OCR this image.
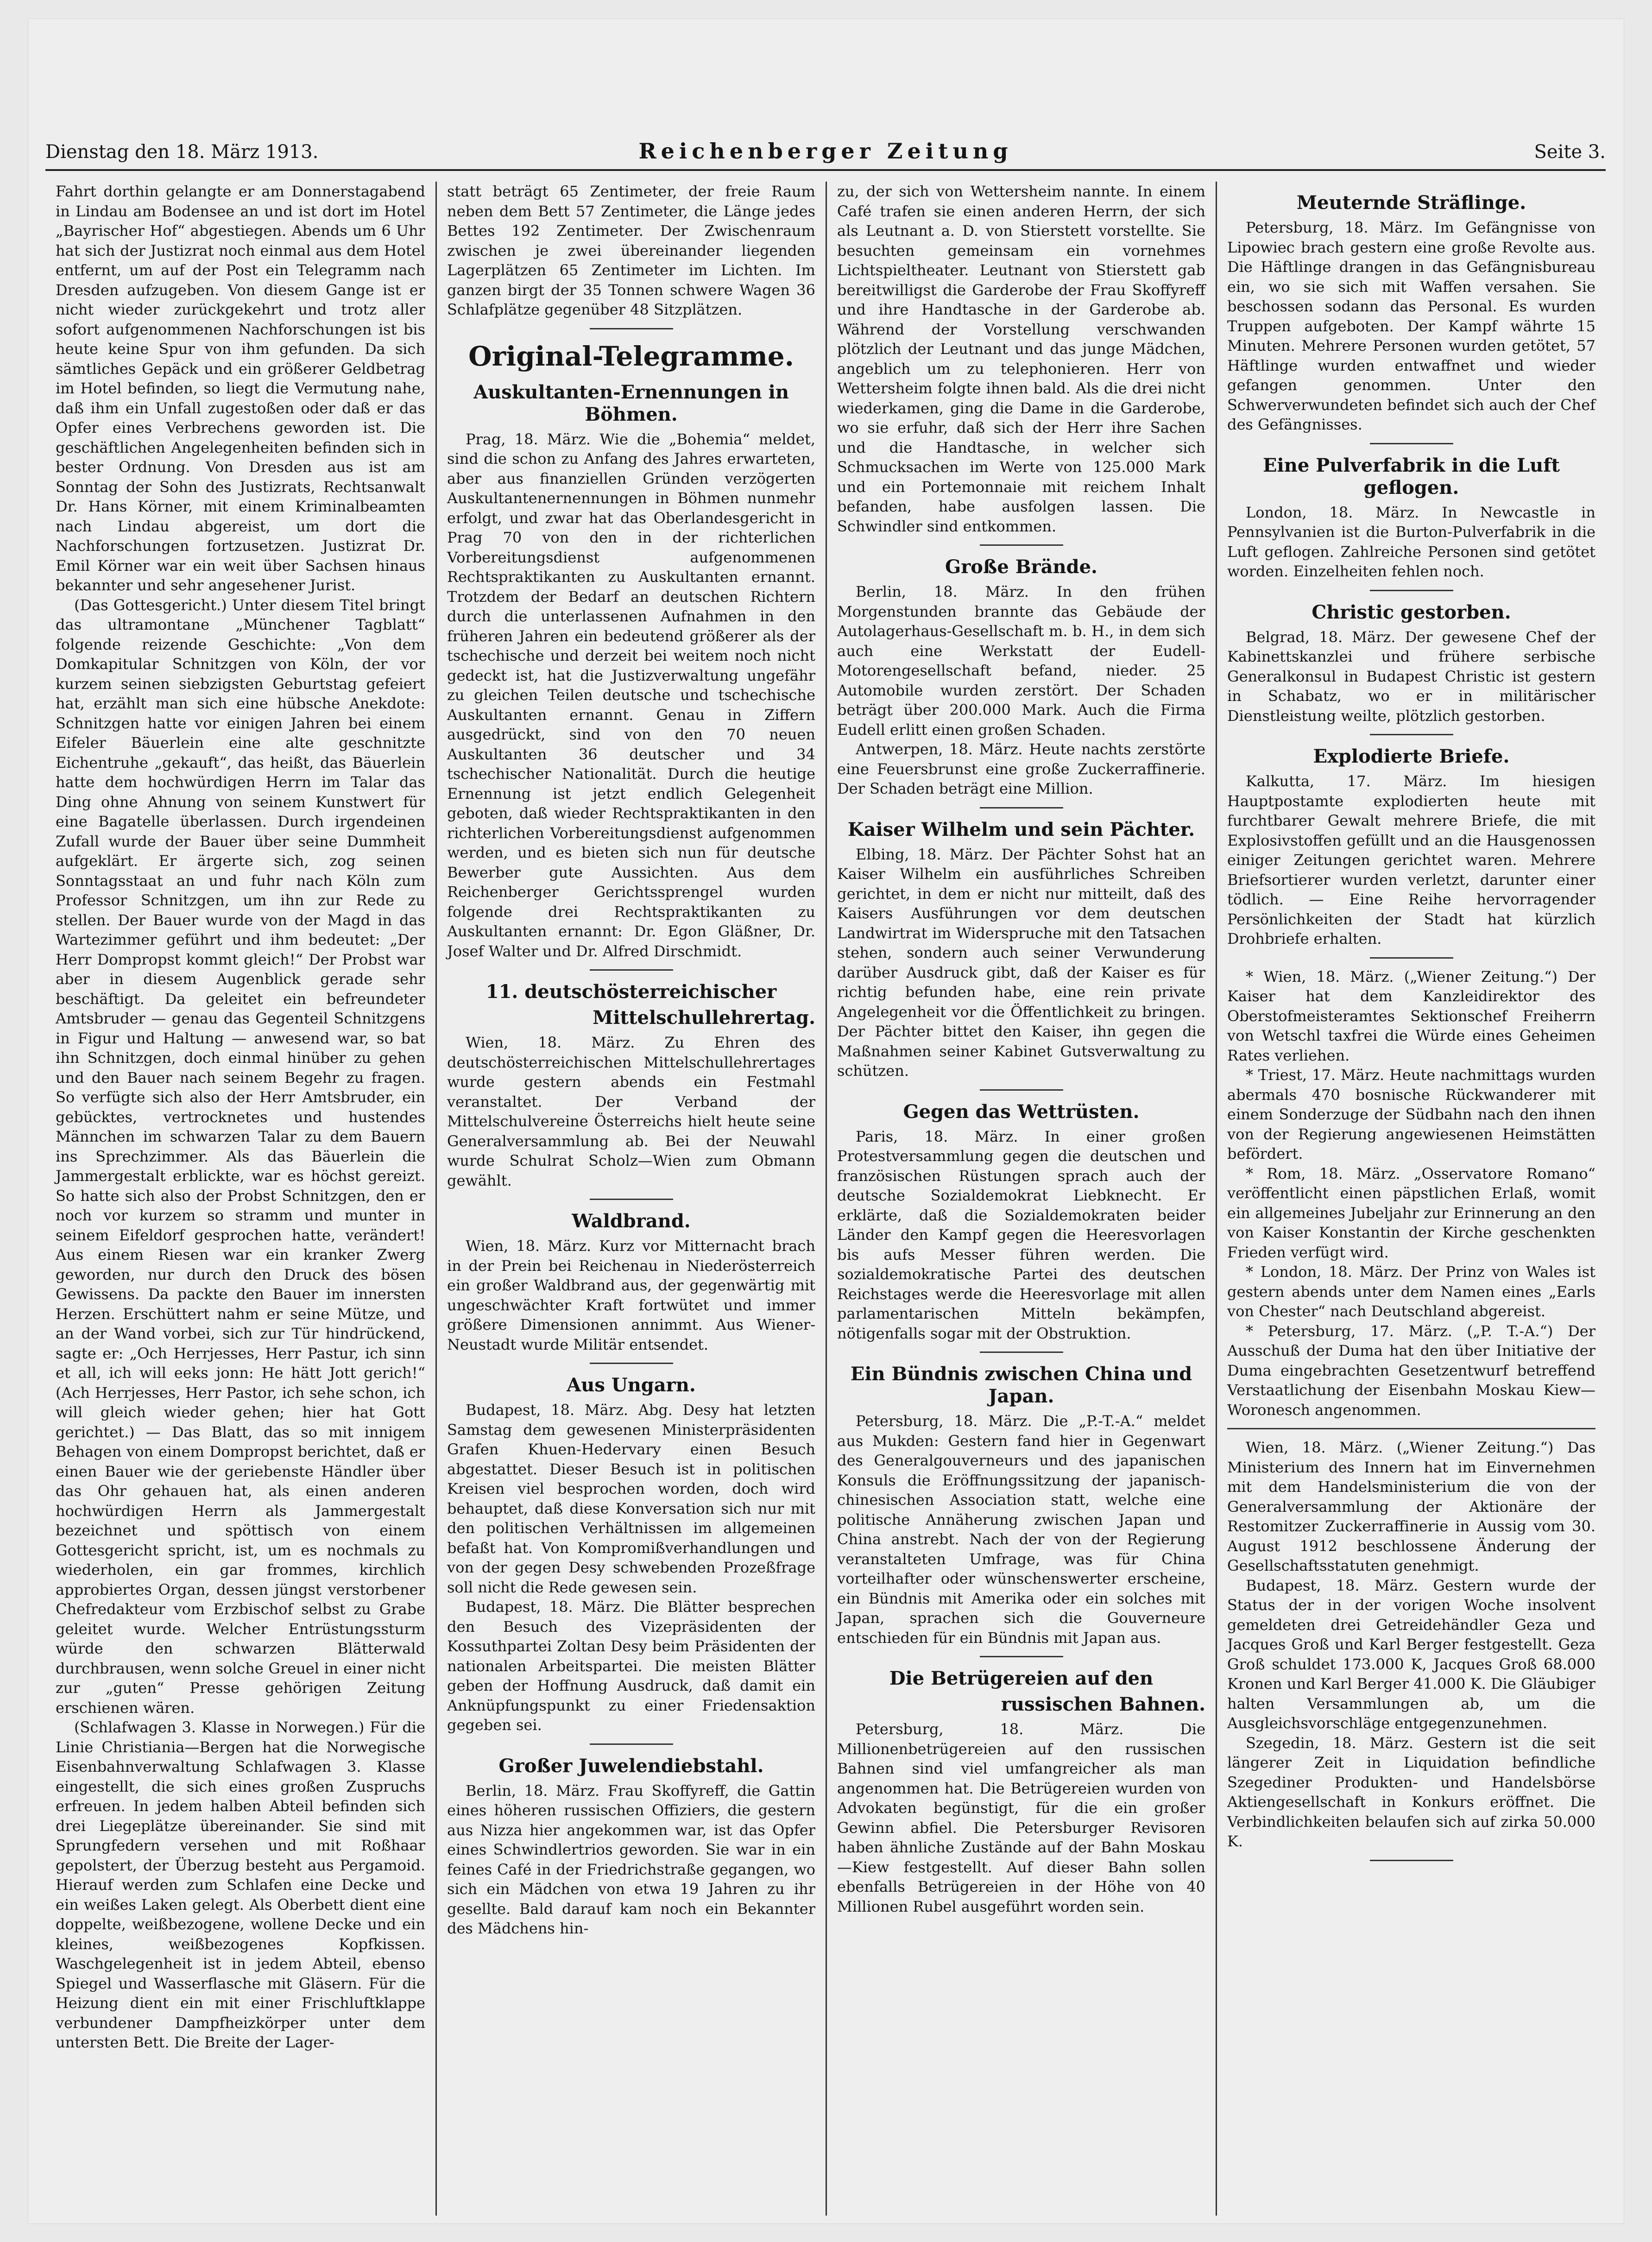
Dienstag den 18. März 1913.	Reichenberger Zeitung	Seite 3.

Fahrt dorthin gelangte er am Donnerstagabend in Lindau am Bodensee an und ist dort im Hotel „Bayrischer Hof“ abgestiegen. Abends um 6 Uhr hat sich der Justizrat noch einmal aus dem Hotel entfernt, um auf der Post ein Telegramm nach Dresden aufzugeben. Von diesem Gange ist er nicht wieder zurückgekehrt und trotz aller sofort aufgenommenen Nachforschungen ist bis heute keine Spur von ihm gefunden. Da sich sämtliches Gepäck und ein größerer Geldbetrag im Hotel befinden, so liegt die Vermutung nahe, daß ihm ein Unfall zugestoßen oder daß er das Opfer eines Verbrechens geworden ist. Die geschäftlichen Angelegenheiten befinden sich in bester Ordnung. Von Dresden aus ist am Sonntag der Sohn des Justizrats, Rechtsanwalt Dr. Hans Körner, mit einem Kriminalbeamten nach Lindau abgereist, um dort die Nachforschungen fortzusetzen. Justizrat Dr. Emil Körner war ein weit über Sachsen hinaus bekannter und sehr angesehener Jurist.

(Das Gottesgericht.) Unter diesem Titel bringt das ultramontane „Münchener Tagblatt“ folgende reizende Geschichte: „Von dem Domkapitular Schnitzgen von Köln, der vor kurzem seinen siebzigsten Geburtstag gefeiert hat, erzählt man sich eine hübsche Anekdote: Schnitzgen hatte vor einigen Jahren bei einem Eifeler Bäuerlein eine alte geschnitzte Eichentruhe „gekauft“, das heißt, das Bäuerlein hatte dem hochwürdigen Herrn im Talar das Ding ohne Ahnung von seinem Kunstwert für eine Bagatelle überlassen. Durch irgendeinen Zufall wurde der Bauer über seine Dummheit aufgeklärt. Er ärgerte sich, zog seinen Sonntagsstaat an und fuhr nach Köln zum Professor Schnitzgen, um ihn zur Rede zu stellen. Der Bauer wurde von der Magd in das Wartezimmer geführt und ihm bedeutet: „Der Herr Dompropst kommt gleich!“ Der Probst war aber in diesem Augenblick gerade sehr beschäftigt. Da geleitet ein befreundeter Amtsbruder — genau das Gegenteil Schnitzgens in Figur und Haltung — anwesend war, so bat ihn Schnitzgen, doch einmal hinüber zu gehen und den Bauer nach seinem Begehr zu fragen. So verfügte sich also der Herr Amtsbruder, ein gebücktes, vertrocknetes und hustendes Männchen im schwarzen Talar zu dem Bauern ins Sprechzimmer. Als das Bäuerlein die Jammergestalt erblickte, war es höchst gereizt. So hatte sich also der Probst Schnitzgen, den er noch vor kurzem so stramm und munter in seinem Eifeldorf gesprochen hatte, verändert! Aus einem Riesen war ein kranker Zwerg geworden, nur durch den Druck des bösen Gewissens. Da packte den Bauer im innersten Herzen. Erschüttert nahm er seine Mütze, und an der Wand vorbei, sich zur Tür hindrückend, sagte er: „Och Herrjesses, Herr Pastur, ich sinn et all, ich will eeks jonn: He hätt Jott gerich!“ (Ach Herrjesses, Herr Pastor, ich sehe schon, ich will gleich wieder gehen; hier hat Gott gerichtet.) — Das Blatt, das so mit innigem Behagen von einem Dompropst berichtet, daß er einen Bauer wie der geriebenste Händler über das Ohr gehauen hat, als einen anderen hochwürdigen Herrn als Jammergestalt bezeichnet und spöttisch von einem Gottesgericht spricht, ist, um es nochmals zu wiederholen, ein gar frommes, kirchlich approbiertes Organ, dessen jüngst verstorbener Chefredakteur vom Erzbischof selbst zu Grabe geleitet wurde. Welcher Entrüstungssturm würde den schwarzen Blätterwald durchbrausen, wenn solche Greuel in einer nicht zur „guten“ Presse gehörigen Zeitung erschienen wären.

(Schlafwagen 3. Klasse in Norwegen.) Für die Linie Christiania—Bergen hat die Norwegische Eisenbahnverwaltung Schlafwagen 3. Klasse eingestellt, die sich eines großen Zuspruchs erfreuen. In jedem halben Abteil befinden sich drei Liegeplätze übereinander. Sie sind mit Sprungfedern versehen und mit Roßhaar gepolstert, der Überzug besteht aus Pergamoid. Hierauf werden zum Schlafen eine Decke und ein weißes Laken gelegt. Als Oberbett dient eine doppelte, weißbezogene, wollene Decke und ein kleines, weißbezogenes Kopfkissen. Waschgelegenheit ist in jedem Abteil, ebenso Spiegel und Wasserflasche mit Gläsern. Für die Heizung dient ein mit einer Frischluftklappe verbundener Dampfheizkörper unter dem untersten Bett. Die Breite der Lager-

statt beträgt 65 Zentimeter, der freie Raum neben dem Bett 57 Zentimeter, die Länge jedes Bettes 192 Zentimeter. Der Zwischenraum zwischen je zwei übereinander liegenden Lagerplätzen 65 Zentimeter im Lichten. Im ganzen birgt der 35 Tonnen schwere Wagen 36 Schlafplätze gegenüber 48 Sitzplätzen.

Original-Telegramme.
Auskultanten-Ernennungen in Böhmen.

Prag, 18. März. Wie die „Bohemia“ meldet, sind die schon zu Anfang des Jahres erwarteten, aber aus finanziellen Gründen verzögerten Auskultantenernennungen in Böhmen nunmehr erfolgt, und zwar hat das Oberlandesgericht in Prag 70 von den in der richterlichen Vorbereitungsdienst aufgenommenen Rechtspraktikanten zu Auskultanten ernannt. Trotzdem der Bedarf an deutschen Richtern durch die unterlassenen Aufnahmen in den früheren Jahren ein bedeutend größerer als der tschechische und derzeit bei weitem noch nicht gedeckt ist, hat die Justizverwaltung ungefähr zu gleichen Teilen deutsche und tschechische Auskultanten ernannt. Genau in Ziffern ausgedrückt, sind von den 70 neuen Auskultanten 36 deutscher und 34 tschechischer Nationalität. Durch die heutige Ernennung ist jetzt endlich Gelegenheit geboten, daß wieder Rechtspraktikanten in den richterlichen Vorbereitungsdienst aufgenommen werden, und es bieten sich nun für deutsche Bewerber gute Aussichten. Aus dem Reichenberger Gerichtssprengel wurden folgende drei Rechtspraktikanten zu Auskultanten ernannt: Dr. Egon Gläßner, Dr. Josef Walter und Dr. Alfred Dirschmidt.

11. deutschösterreichischer
Mittelschullehrertag.

Wien, 18. März. Zu Ehren des deutschösterreichischen Mittelschullehrertages wurde gestern abends ein Festmahl veranstaltet. Der Verband der Mittelschulvereine Österreichs hielt heute seine Generalversammlung ab. Bei der Neuwahl wurde Schulrat Scholz—Wien zum Obmann gewählt.

Waldbrand.

Wien, 18. März. Kurz vor Mitternacht brach in der Prein bei Reichenau in Niederösterreich ein großer Waldbrand aus, der gegenwärtig mit ungeschwächter Kraft fortwütet und immer größere Dimensionen annimmt. Aus Wiener-Neustadt wurde Militär entsendet.

Aus Ungarn.

Budapest, 18. März. Abg. Desy hat letzten Samstag dem gewesenen Ministerpräsidenten Grafen Khuen-Hedervary einen Besuch abgestattet. Dieser Besuch ist in politischen Kreisen viel besprochen worden, doch wird behauptet, daß diese Konversation sich nur mit den politischen Verhältnissen im allgemeinen befaßt hat. Von Kompromißverhandlungen und von der gegen Desy schwebenden Prozeßfrage soll nicht die Rede gewesen sein.

Budapest, 18. März. Die Blätter besprechen den Besuch des Vizepräsidenten der Kossuthpartei Zoltan Desy beim Präsidenten der nationalen Arbeitspartei. Die meisten Blätter geben der Hoffnung Ausdruck, daß damit ein Anknüpfungspunkt zu einer Friedensaktion gegeben sei.

Großer Juwelendiebstahl.

Berlin, 18. März. Frau Skoffyreff, die Gattin eines höheren russischen Offiziers, die gestern aus Nizza hier angekommen war, ist das Opfer eines Schwindlertrios geworden. Sie war in ein feines Café in der Friedrichstraße gegangen, wo sich ein Mädchen von etwa 19 Jahren zu ihr gesellte. Bald darauf kam noch ein Bekannter des Mädchens hin-

zu, der sich von Wettersheim nannte. In einem Café trafen sie einen anderen Herrn, der sich als Leutnant a. D. von Stierstett vorstellte. Sie besuchten gemeinsam ein vornehmes Lichtspieltheater. Leutnant von Stierstett gab bereitwilligst die Garderobe der Frau Skoffyreff und ihre Handtasche in der Garderobe ab. Während der Vorstellung verschwanden plötzlich der Leutnant und das junge Mädchen, angeblich um zu telephonieren. Herr von Wettersheim folgte ihnen bald. Als die drei nicht wiederkamen, ging die Dame in die Garderobe, wo sie erfuhr, daß sich der Herr ihre Sachen und die Handtasche, in welcher sich Schmucksachen im Werte von 125.000 Mark und ein Portemonnaie mit reichem Inhalt befanden, habe ausfolgen lassen. Die Schwindler sind entkommen.

Große Brände.

Berlin, 18. März. In den frühen Morgenstunden brannte das Gebäude der Autolagerhaus-Gesellschaft m. b. H., in dem sich auch eine Werkstatt der Eudell-Motorengesellschaft befand, nieder. 25 Automobile wurden zerstört. Der Schaden beträgt über 200.000 Mark. Auch die Firma Eudell erlitt einen großen Schaden.

Antwerpen, 18. März. Heute nachts zerstörte eine Feuersbrunst eine große Zuckerraffinerie. Der Schaden beträgt eine Million.

Kaiser Wilhelm und sein Pächter.

Elbing, 18. März. Der Pächter Sohst hat an Kaiser Wilhelm ein ausführliches Schreiben gerichtet, in dem er nicht nur mitteilt, daß des Kaisers Ausführungen vor dem deutschen Landwirtrat im Widerspruche mit den Tatsachen stehen, sondern auch seiner Verwunderung darüber Ausdruck gibt, daß der Kaiser es für richtig befunden habe, eine rein private Angelegenheit vor die Öffentlichkeit zu bringen. Der Pächter bittet den Kaiser, ihn gegen die Maßnahmen seiner Kabinet Gutsverwaltung zu schützen.

Gegen das Wettrüsten.

Paris, 18. März. In einer großen Protestversammlung gegen die deutschen und französischen Rüstungen sprach auch der deutsche Sozialdemokrat Liebknecht. Er erklärte, daß die Sozialdemokraten beider Länder den Kampf gegen die Heeresvorlagen bis aufs Messer führen werden. Die sozialdemokratische Partei des deutschen Reichstages werde die Heeresvorlage mit allen parlamentarischen Mitteln bekämpfen, nötigenfalls sogar mit der Obstruktion.

Ein Bündnis zwischen China und Japan.

Petersburg, 18. März. Die „P.-T.-A.“ meldet aus Mukden: Gestern fand hier in Gegenwart des Generalgouverneurs und des japanischen Konsuls die Eröffnungssitzung der japanisch-chinesischen Association statt, welche eine politische Annäherung zwischen Japan und China anstrebt. Nach der von der Regierung veranstalteten Umfrage, was für China vorteilhafter oder wünschenswerter erscheine, ein Bündnis mit Amerika oder ein solches mit Japan, sprachen sich die Gouverneure entschieden für ein Bündnis mit Japan aus.

Die Betrügereien auf den
russischen Bahnen.

Petersburg, 18. März. Die Millionenbetrügereien auf den russischen Bahnen sind viel umfangreicher als man angenommen hat. Die Betrügereien wurden von Advokaten begünstigt, für die ein großer Gewinn abfiel. Die Petersburger Revisoren haben ähnliche Zustände auf der Bahn Moskau—Kiew festgestellt. Auf dieser Bahn sollen ebenfalls Betrügereien in der Höhe von 40 Millionen Rubel ausgeführt worden sein.

Meuternde Sträflinge.

Petersburg, 18. März. Im Gefängnisse von Lipowiec brach gestern eine große Revolte aus. Die Häftlinge drangen in das Gefängnisbureau ein, wo sie sich mit Waffen versahen. Sie beschossen sodann das Personal. Es wurden Truppen aufgeboten. Der Kampf währte 15 Minuten. Mehrere Personen wurden getötet, 57 Häftlinge wurden entwaffnet und wieder gefangen genommen. Unter den Schwerverwundeten befindet sich auch der Chef des Gefängnisses.

Eine Pulverfabrik in die Luft geflogen.

London, 18. März. In Newcastle in Pennsylvanien ist die Burton-Pulverfabrik in die Luft geflogen. Zahlreiche Personen sind getötet worden. Einzelheiten fehlen noch.

Christic gestorben.

Belgrad, 18. März. Der gewesene Chef der Kabinettskanzlei und frühere serbische Generalkonsul in Budapest Christic ist gestern in Schabatz, wo er in militärischer Dienstleistung weilte, plötzlich gestorben.

Explodierte Briefe.

Kalkutta, 17. März. Im hiesigen Hauptpostamte explodierten heute mit furchtbarer Gewalt mehrere Briefe, die mit Explosivstoffen gefüllt und an die Hausgenossen einiger Zeitungen gerichtet waren. Mehrere Briefsortierer wurden verletzt, darunter einer tödlich. — Eine Reihe hervorragender Persönlichkeiten der Stadt hat kürzlich Drohbriefe erhalten.

* Wien, 18. März. („Wiener Zeitung.“) Der Kaiser hat dem Kanzleidirektor des Oberstofmeisteramtes Sektionschef Freiherrn von Wetschl taxfrei die Würde eines Geheimen Rates verliehen.

* Triest, 17. März. Heute nachmittags wurden abermals 470 bosnische Rückwanderer mit einem Sonderzuge der Südbahn nach den ihnen von der Regierung angewiesenen Heimstätten befördert.

* Rom, 18. März. „Osservatore Romano“ veröffentlicht einen päpstlichen Erlaß, womit ein allgemeines Jubeljahr zur Erinnerung an den von Kaiser Konstantin der Kirche geschenkten Frieden verfügt wird.

* London, 18. März. Der Prinz von Wales ist gestern abends unter dem Namen eines „Earls von Chester“ nach Deutschland abgereist.

* Petersburg, 17. März. („P. T.-A.“) Der Ausschuß der Duma hat den über Initiative der Duma eingebrachten Gesetzentwurf betreffend Verstaatlichung der Eisenbahn Moskau Kiew—Woronesch angenommen.

Wien, 18. März. („Wiener Zeitung.“) Das Ministerium des Innern hat im Einvernehmen mit dem Handelsministerium die von der Generalversammlung der Aktionäre der Restomitzer Zuckerraffinerie in Aussig vom 30. August 1912 beschlossene Änderung der Gesellschaftsstatuten genehmigt.

Budapest, 18. März. Gestern wurde der Status der in der vorigen Woche insolvent gemeldeten drei Getreidehändler Geza und Jacques Groß und Karl Berger festgestellt. Geza Groß schuldet 173.000 K, Jacques Groß 68.000 Kronen und Karl Berger 41.000 K. Die Gläubiger halten Versammlungen ab, um die Ausgleichsvorschläge entgegenzunehmen.

Szegedin, 18. März. Gestern ist die seit längerer Zeit in Liquidation befindliche Szegediner Produkten- und Handelsbörse Aktiengesellschaft in Konkurs eröffnet. Die Verbindlichkeiten belaufen sich auf zirka 50.000 K.
